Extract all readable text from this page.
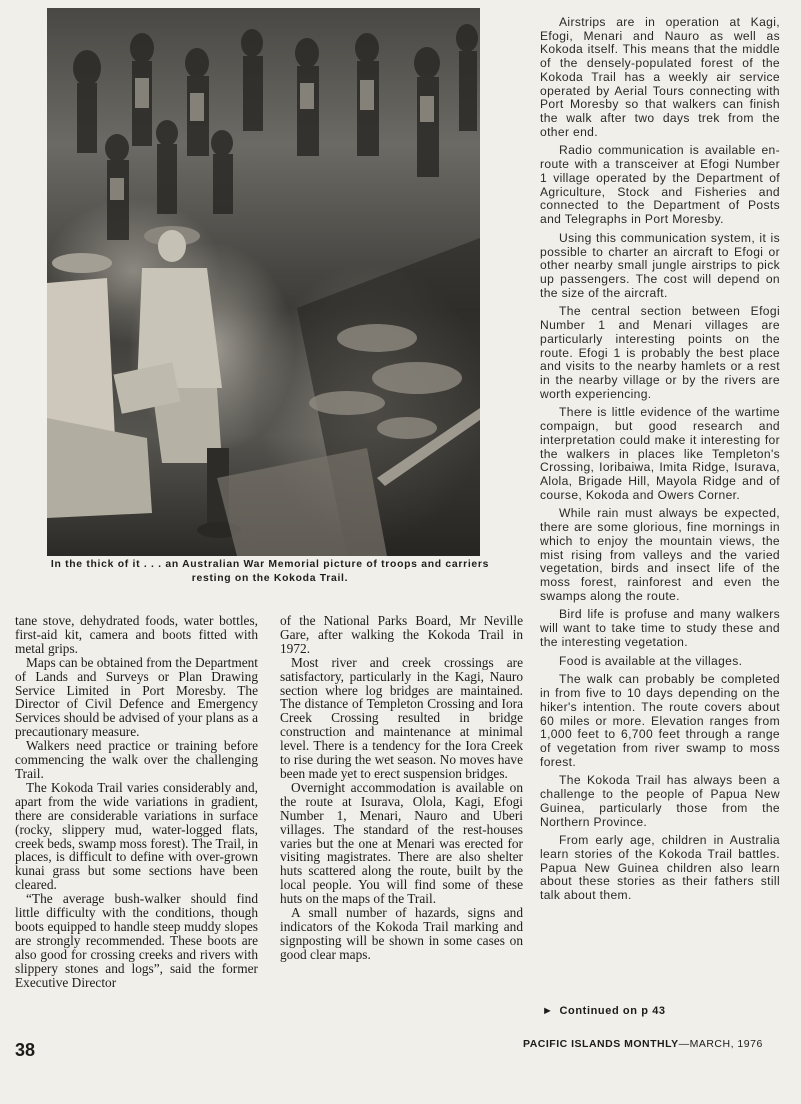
In the thick of it . . . an Australian War Memorial picture of troops and carriers resting on the Kokoda Trail.

tane stove, dehydrated foods, water bottles, first-aid kit, camera and boots fitted with metal grips.

Maps can be obtained from the Department of Lands and Surveys or Plan Drawing Service Limited in Port Moresby. The Director of Civil Defence and Emergency Services should be advised of your plans as a precautionary measure.

Walkers need practice or training before commencing the walk over the challenging Trail.

The Kokoda Trail varies considerably and, apart from the wide variations in gradient, there are considerable variations in surface (rocky, slippery mud, water-logged flats, creek beds, swamp moss forest). The Trail, in places, is difficult to define with over-grown kunai grass but some sections have been cleared.

“The average bush-walker should find little difficulty with the conditions, though boots equipped to handle steep muddy slopes are strongly recommended. These boots are also good for crossing creeks and rivers with slippery stones and logs”, said the former Executive Director

of the National Parks Board, Mr Neville Gare, after walking the Kokoda Trail in 1972.

Most river and creek crossings are satisfactory, particularly in the Kagi, Nauro section where log bridges are maintained. The distance of Templeton Crossing and Iora Creek Crossing resulted in bridge construction and maintenance at minimal level. There is a tendency for the Iora Creek to rise during the wet season. No moves have been made yet to erect suspension bridges.

Overnight accommodation is available on the route at Isurava, Olola, Kagi, Efogi Number 1, Menari, Nauro and Uberi villages. The standard of the rest-houses varies but the one at Menari was erected for visiting magistrates. There are also shelter huts scattered along the route, built by the local people. You will find some of these huts on the maps of the Trail.

A small number of hazards, signs and indicators of the Kokoda Trail marking and signposting will be shown in some cases on good clear maps.

Airstrips are in operation at Kagi, Efogi, Menari and Nauro as well as Kokoda itself. This means that the middle of the densely-populated forest of the Kokoda Trail has a weekly air service operated by Aerial Tours connecting with Port Moresby so that walkers can finish the walk after two days trek from the other end.

Radio communication is available en-route with a transceiver at Efogi Number 1 village operated by the Department of Agriculture, Stock and Fisheries and connected to the Department of Posts and Telegraphs in Port Moresby.

Using this communication system, it is possible to charter an aircraft to Efogi or other nearby small jungle airstrips to pick up passengers. The cost will depend on the size of the aircraft.

The central section between Efogi Number 1 and Menari villages are particularly interesting points on the route. Efogi 1 is probably the best place and visits to the nearby hamlets or a rest in the nearby village or by the rivers are worth experiencing.

There is little evidence of the wartime compaign, but good research and interpretation could make it interesting for the walkers in places like Templeton's Crossing, Ioribaiwa, Imita Ridge, Isurava, Alola, Brigade Hill, Mayola Ridge and of course, Kokoda and Owers Corner.

While rain must always be expected, there are some glorious, fine mornings in which to enjoy the mountain views, the mist rising from valleys and the varied vegetation, birds and insect life of the moss forest, rainforest and even the swamps along the route.

Bird life is profuse and many walkers will want to take time to study these and the interesting vegetation.

Food is available at the villages.

The walk can probably be completed in from five to 10 days depending on the hiker's intention. The route covers about 60 miles or more. Elevation ranges from 1,000 feet to 6,700 feet through a range of vegetation from river swamp to moss forest.

The Kokoda Trail has always been a challenge to the people of Papua New Guinea, particularly those from the Northern Province.

From early age, children in Australia learn stories of the Kokoda Trail battles. Papua New Guinea children also learn about these stories as their fathers still talk about them.

► Continued on p 43
38	PACIFIC ISLANDS MONTHLY—MARCH, 1976
